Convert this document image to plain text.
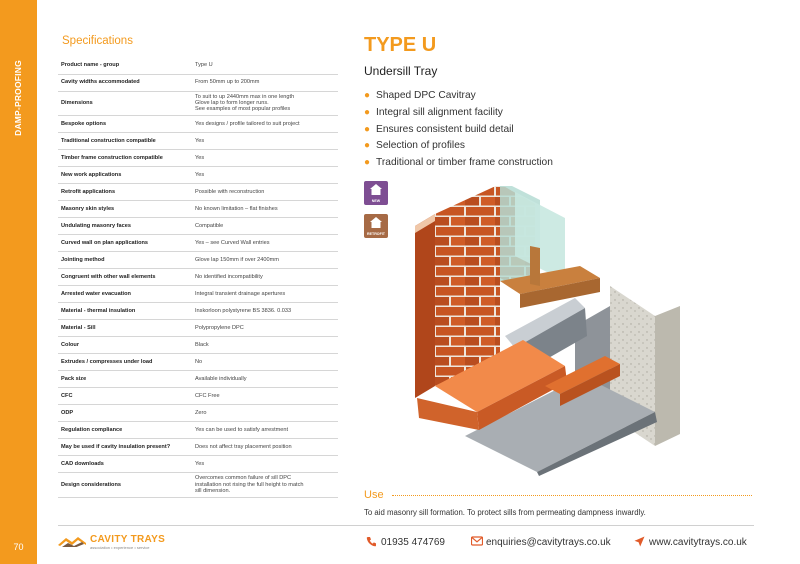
DAMP-PROOFING
70
Specifications
Product name - group	Type U

Cavity widths accommodated	From 50mm up to 200mm

Dimensions	To suit to up 2440mm max in one length
Glove lap to form longer runs.
See examples of most popular profiles

Bespoke options	Yes designs / profile tailored to suit project

Traditional construction compatible	Yes

Timber frame construction compatible	Yes

New work applications	Yes

Retrofit applications	Possible with reconstruction

Masonry skin styles	No known limitation – flat finishes

Undulating masonry faces	Compatible

Curved wall on plan applications	Yes – see Curved Wall entries

Jointing method	Glove lap 150mm if over 2400mm

Congruent with other wall elements	No identified incompatibility

Arrested water evacuation	Integral transient drainage apertures

Material - thermal insulation	Inskorloon polystyrene BS 3836. 0.033

Material - Sill	Polypropylene DPC

Colour	Black

Extrudes / compresses under load	No

Pack size	Available individually

CFC	CFC Free

ODP	Zero

Regulation compliance	Yes can be used to satisfy arrestment

May be used if cavity insulation present?	Does not affect tray placement position

CAD downloads	Yes

Design considerations	Overcomes common failure of sill DPC
installation not rising the full height to match
sill dimension.
TYPE U
Undersill Tray
● Shaped DPC Cavitray
● Integral sill alignment facility
● Ensures consistent build detail
● Selection of profiles
● Traditional or timber frame construction
NEW
RETROFIT
Use
To aid masonry sill formation. To protect sills from permeating dampness inwardly.
CAVITY TRAYS
association • experience • service	01935 474769	enquiries@cavitytrays.co.uk	www.cavitytrays.co.uk
